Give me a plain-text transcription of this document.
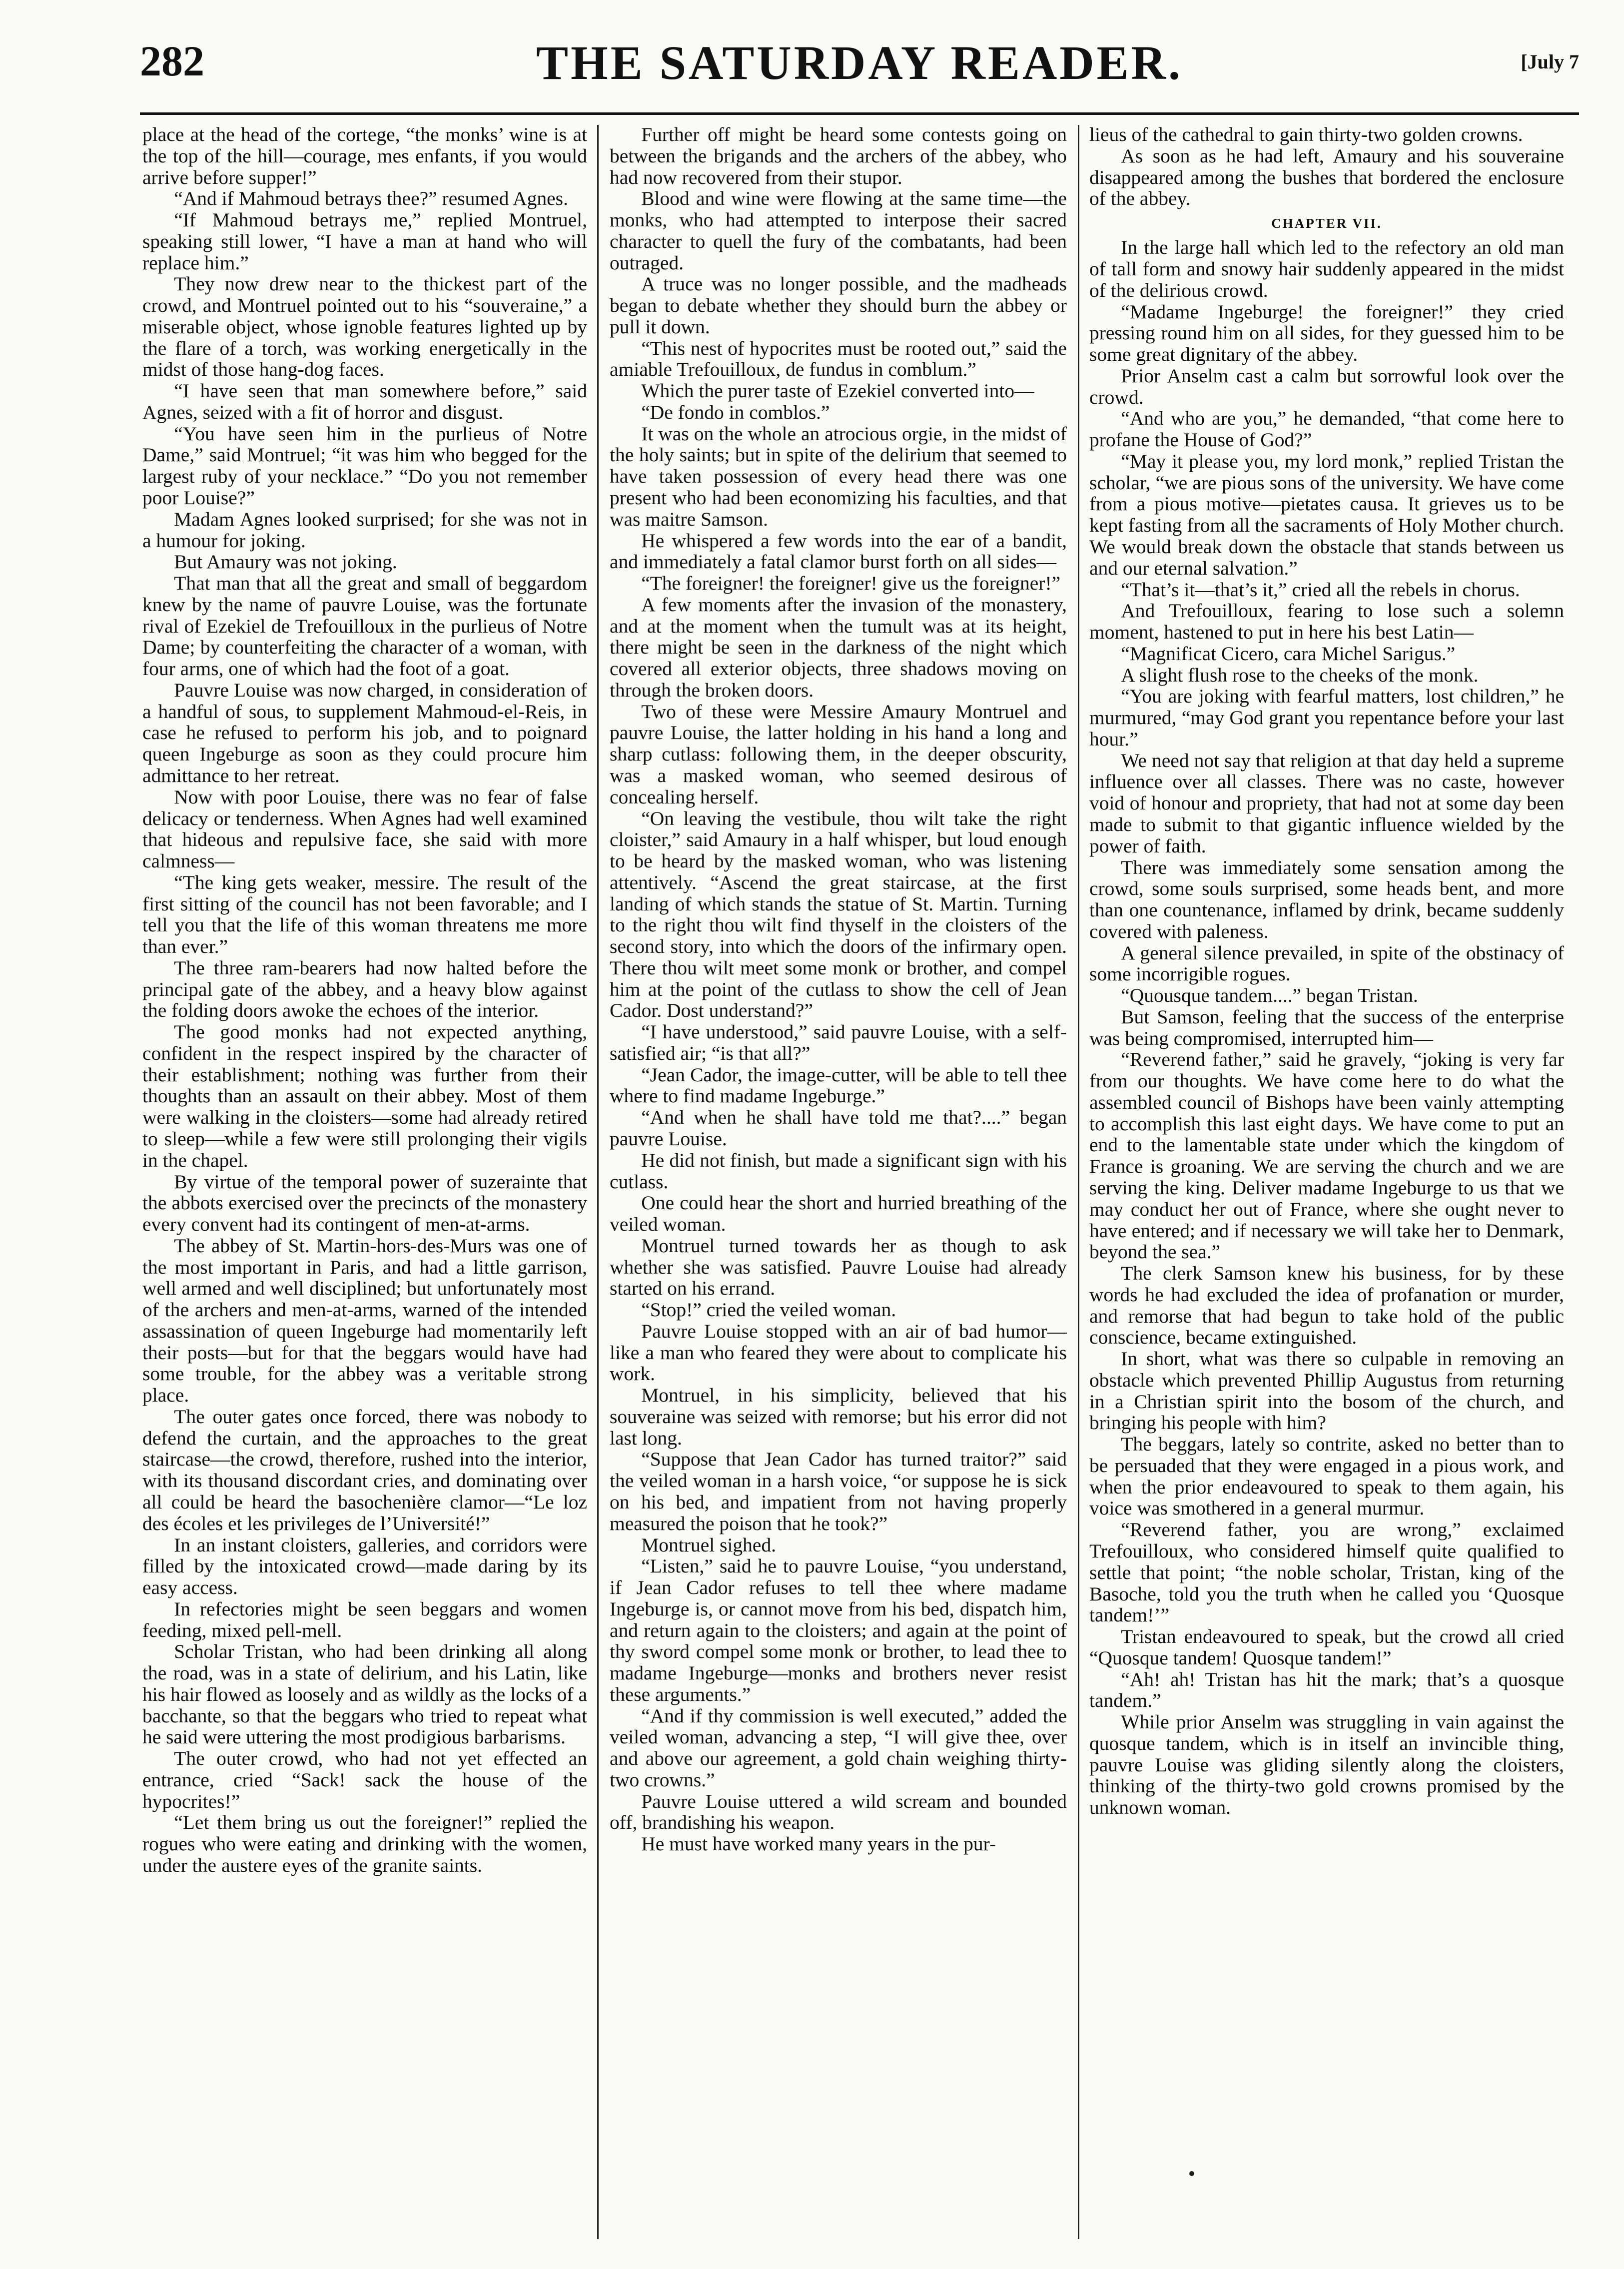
282	THE SATURDAY READER.	[July 7

place at the head of the cortege, “the monks’ wine is at the top of the hill—courage, mes enfants, if you would arrive before supper!”

“And if Mahmoud betrays thee?” resumed Agnes.

“If Mahmoud betrays me,” replied Montruel, speaking still lower, “I have a man at hand who will replace him.”

They now drew near to the thickest part of the crowd, and Montruel pointed out to his “souveraine,” a miserable object, whose ignoble features lighted up by the flare of a torch, was working energetically in the midst of those hang-dog faces.

“I have seen that man somewhere before,” said Agnes, seized with a fit of horror and disgust.

“You have seen him in the purlieus of Notre Dame,” said Montruel; “it was him who begged for the largest ruby of your necklace.” “Do you not remember poor Louise?”

Madam Agnes looked surprised; for she was not in a humour for joking.

But Amaury was not joking.

That man that all the great and small of beggardom knew by the name of pauvre Louise, was the fortunate rival of Ezekiel de Trefouilloux in the purlieus of Notre Dame; by counterfeiting the character of a woman, with four arms, one of which had the foot of a goat.

Pauvre Louise was now charged, in consideration of a handful of sous, to supplement Mahmoud-el-Reis, in case he refused to perform his job, and to poignard queen Ingeburge as soon as they could procure him admittance to her retreat.

Now with poor Louise, there was no fear of false delicacy or tenderness. When Agnes had well examined that hideous and repulsive face, she said with more calmness—

“The king gets weaker, messire. The result of the first sitting of the council has not been favorable; and I tell you that the life of this woman threatens me more than ever.”

The three ram-bearers had now halted before the principal gate of the abbey, and a heavy blow against the folding doors awoke the echoes of the interior.

The good monks had not expected anything, confident in the respect inspired by the character of their establishment; nothing was further from their thoughts than an assault on their abbey. Most of them were walking in the cloisters—some had already retired to sleep—while a few were still prolonging their vigils in the chapel.

By virtue of the temporal power of suzerainte that the abbots exercised over the precincts of the monastery every convent had its contingent of men-at-arms.

The abbey of St. Martin-hors-des-Murs was one of the most important in Paris, and had a little garrison, well armed and well disciplined; but unfortunately most of the archers and men-at-arms, warned of the intended assassination of queen Ingeburge had momentarily left their posts—but for that the beggars would have had some trouble, for the abbey was a veritable strong place.

The outer gates once forced, there was nobody to defend the curtain, and the approaches to the great staircase—the crowd, therefore, rushed into the interior, with its thousand discordant cries, and dominating over all could be heard the basochenière clamor—“Le loz des écoles et les privileges de l’Université!”

In an instant cloisters, galleries, and corridors were filled by the intoxicated crowd—made daring by its easy access.

In refectories might be seen beggars and women feeding, mixed pell-mell.

Scholar Tristan, who had been drinking all along the road, was in a state of delirium, and his Latin, like his hair flowed as loosely and as wildly as the locks of a bacchante, so that the beggars who tried to repeat what he said were uttering the most prodigious barbarisms.

The outer crowd, who had not yet effected an entrance, cried “Sack! sack the house of the hypocrites!”

“Let them bring us out the foreigner!” replied the rogues who were eating and drinking with the women, under the austere eyes of the granite saints.

Further off might be heard some contests going on between the brigands and the archers of the abbey, who had now recovered from their stupor.

Blood and wine were flowing at the same time—the monks, who had attempted to interpose their sacred character to quell the fury of the combatants, had been outraged.

A truce was no longer possible, and the madheads began to debate whether they should burn the abbey or pull it down.

“This nest of hypocrites must be rooted out,” said the amiable Trefouilloux, de fundus in comblum.”

Which the purer taste of Ezekiel converted into—

“De fondo in comblos.”

It was on the whole an atrocious orgie, in the midst of the holy saints; but in spite of the delirium that seemed to have taken possession of every head there was one present who had been economizing his faculties, and that was maitre Samson.

He whispered a few words into the ear of a bandit, and immediately a fatal clamor burst forth on all sides—

“The foreigner! the foreigner! give us the foreigner!”

A few moments after the invasion of the monastery, and at the moment when the tumult was at its height, there might be seen in the darkness of the night which covered all exterior objects, three shadows moving on through the broken doors.

Two of these were Messire Amaury Montruel and pauvre Louise, the latter holding in his hand a long and sharp cutlass: following them, in the deeper obscurity, was a masked woman, who seemed desirous of concealing herself.

“On leaving the vestibule, thou wilt take the right cloister,” said Amaury in a half whisper, but loud enough to be heard by the masked woman, who was listening attentively. “Ascend the great staircase, at the first landing of which stands the statue of St. Martin. Turning to the right thou wilt find thyself in the cloisters of the second story, into which the doors of the infirmary open. There thou wilt meet some monk or brother, and compel him at the point of the cutlass to show the cell of Jean Cador. Dost understand?”

“I have understood,” said pauvre Louise, with a self-satisfied air; “is that all?”

“Jean Cador, the image-cutter, will be able to tell thee where to find madame Ingeburge.”

“And when he shall have told me that?....” began pauvre Louise.

He did not finish, but made a significant sign with his cutlass.

One could hear the short and hurried breathing of the veiled woman.

Montruel turned towards her as though to ask whether she was satisfied. Pauvre Louise had already started on his errand.

“Stop!” cried the veiled woman.

Pauvre Louise stopped with an air of bad humor—like a man who feared they were about to complicate his work.

Montruel, in his simplicity, believed that his souveraine was seized with remorse; but his error did not last long.

“Suppose that Jean Cador has turned traitor?” said the veiled woman in a harsh voice, “or suppose he is sick on his bed, and impatient from not having properly measured the poison that he took?”

Montruel sighed.

“Listen,” said he to pauvre Louise, “you understand, if Jean Cador refuses to tell thee where madame Ingeburge is, or cannot move from his bed, dispatch him, and return again to the cloisters; and again at the point of thy sword compel some monk or brother, to lead thee to madame Ingeburge—monks and brothers never resist these arguments.”

“And if thy commission is well executed,” added the veiled woman, advancing a step, “I will give thee, over and above our agreement, a gold chain weighing thirty-two crowns.”

Pauvre Louise uttered a wild scream and bounded off, brandishing his weapon.

He must have worked many years in the pur-

lieus of the cathedral to gain thirty-two golden crowns.

As soon as he had left, Amaury and his souveraine disappeared among the bushes that bordered the enclosure of the abbey.

CHAPTER VII.

In the large hall which led to the refectory an old man of tall form and snowy hair suddenly appeared in the midst of the delirious crowd.

“Madame Ingeburge! the foreigner!” they cried pressing round him on all sides, for they guessed him to be some great dignitary of the abbey.

Prior Anselm cast a calm but sorrowful look over the crowd.

“And who are you,” he demanded, “that come here to profane the House of God?”

“May it please you, my lord monk,” replied Tristan the scholar, “we are pious sons of the university. We have come from a pious motive—pietates causa. It grieves us to be kept fasting from all the sacraments of Holy Mother church. We would break down the obstacle that stands between us and our eternal salvation.”

“That’s it—that’s it,” cried all the rebels in chorus.

And Trefouilloux, fearing to lose such a solemn moment, hastened to put in here his best Latin—

“Magnificat Cicero, cara Michel Sarigus.”

A slight flush rose to the cheeks of the monk.

“You are joking with fearful matters, lost children,” he murmured, “may God grant you repentance before your last hour.”

We need not say that religion at that day held a supreme influence over all classes. There was no caste, however void of honour and propriety, that had not at some day been made to submit to that gigantic influence wielded by the power of faith.

There was immediately some sensation among the crowd, some souls surprised, some heads bent, and more than one countenance, inflamed by drink, became suddenly covered with paleness.

A general silence prevailed, in spite of the obstinacy of some incorrigible rogues.

“Quousque tandem....” began Tristan.

But Samson, feeling that the success of the enterprise was being compromised, interrupted him—

“Reverend father,” said he gravely, “joking is very far from our thoughts. We have come here to do what the assembled council of Bishops have been vainly attempting to accomplish this last eight days. We have come to put an end to the lamentable state under which the kingdom of France is groaning. We are serving the church and we are serving the king. Deliver madame Ingeburge to us that we may conduct her out of France, where she ought never to have entered; and if necessary we will take her to Denmark, beyond the sea.”

The clerk Samson knew his business, for by these words he had excluded the idea of profanation or murder, and remorse that had begun to take hold of the public conscience, became extinguished.

In short, what was there so culpable in removing an obstacle which prevented Phillip Augustus from returning in a Christian spirit into the bosom of the church, and bringing his people with him?

The beggars, lately so contrite, asked no better than to be persuaded that they were engaged in a pious work, and when the prior endeavoured to speak to them again, his voice was smothered in a general murmur.

“Reverend father, you are wrong,” exclaimed Trefouilloux, who considered himself quite qualified to settle that point; “the noble scholar, Tristan, king of the Basoche, told you the truth when he called you ‘Quosque tandem!’”

Tristan endeavoured to speak, but the crowd all cried “Quosque tandem! Quosque tandem!”

“Ah! ah! Tristan has hit the mark; that’s a quosque tandem.”

While prior Anselm was struggling in vain against the quosque tandem, which is in itself an invincible thing, pauvre Louise was gliding silently along the cloisters, thinking of the thirty-two gold crowns promised by the unknown woman.
